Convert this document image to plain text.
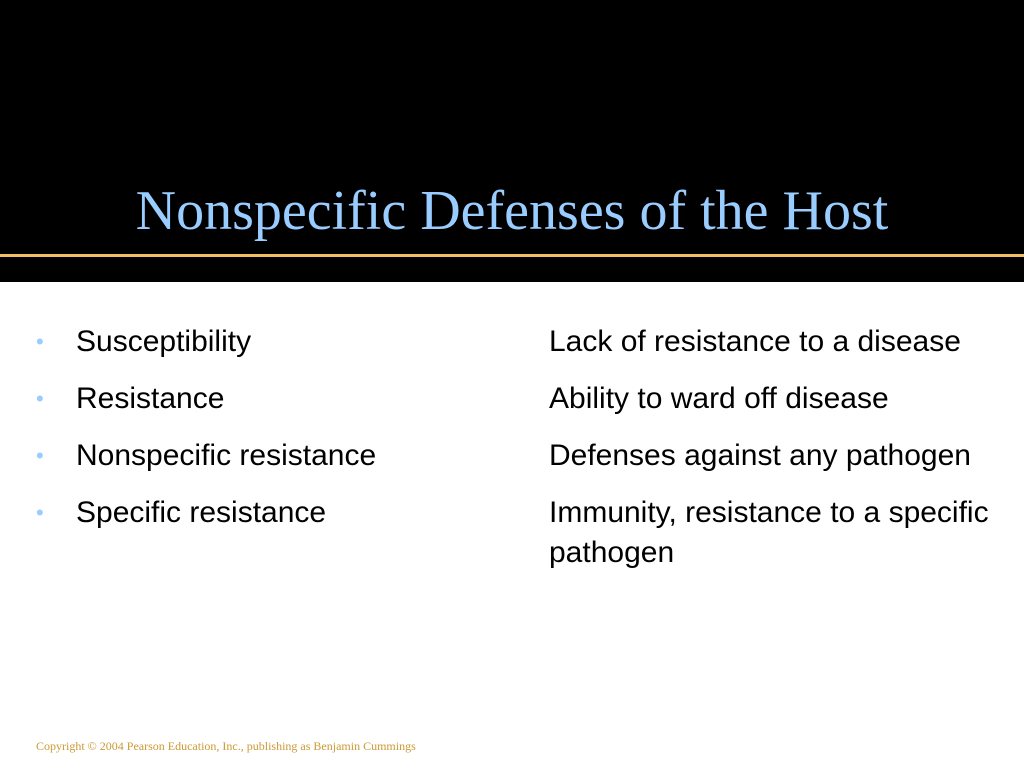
Nonspecific Defenses of the Host
•	Susceptibility	Lack of resistance to a disease
•	Resistance	Ability to ward off disease
•	Nonspecific resistance	Defenses against any pathogen
•	Specific resistance	Immunity, resistance to a specific pathogen
Copyright © 2004 Pearson Education, Inc., publishing as Benjamin Cummings
